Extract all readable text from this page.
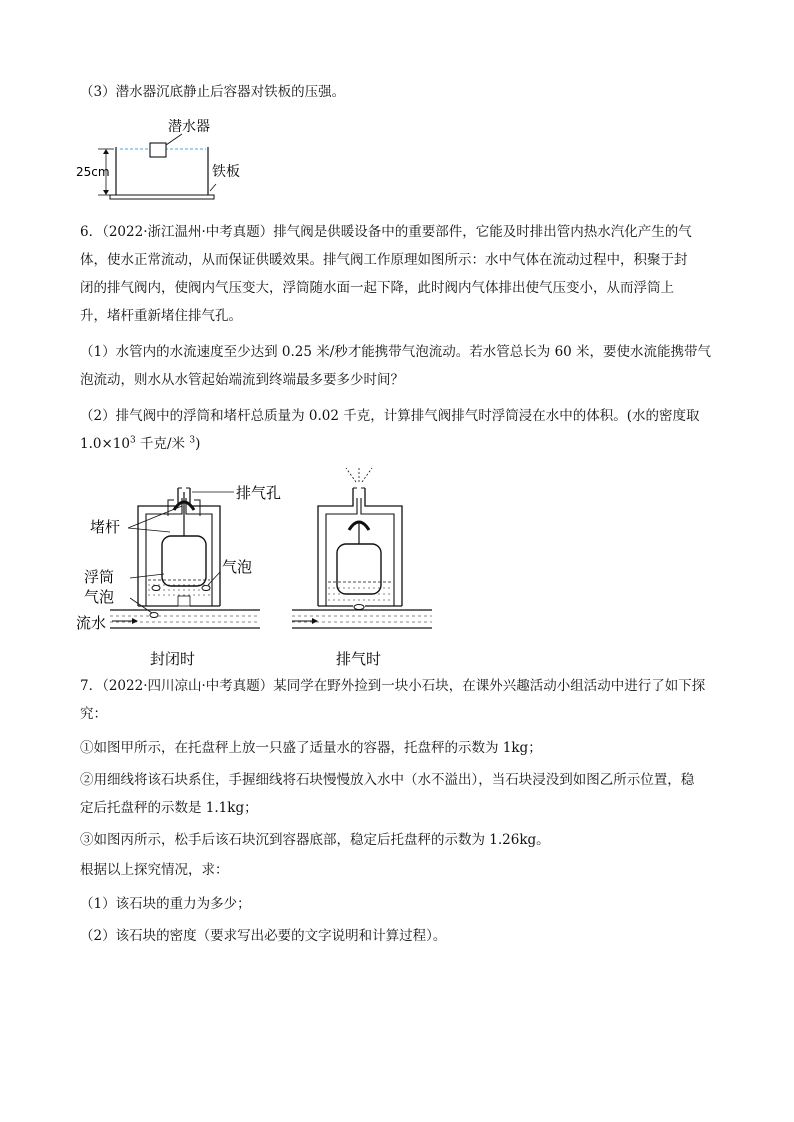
（3）潜水器沉底静止后容器对铁板的压强。
潜水器
铁板
25cm
6．（2022·浙江温州·中考真题）排气阀是供暖设备中的重要部件，它能及时排出管内热水汽化产生的气
体，使水正常流动，从而保证供暖效果。排气阀工作原理如图所示：水中气体在流动过程中，积聚于封
闭的排气阀内，使阀内气压变大，浮筒随水面一起下降，此时阀内气体排出使气压变小，从而浮筒上
升，堵杆重新堵住排气孔。
（1）水管内的水流速度至少达到 0.25 米/秒才能携带气泡流动。若水管总长为 60 米，要使水流能携带气
泡流动，则水从水管起始端流到终端最多要多少时间？
（2）排气阀中的浮筒和堵杆总质量为 0.02 千克，计算排气阀排气时浮筒浸在水中的体积。(水的密度取
$1.0\times 10^3$ 千克/米 $^3$)
排气孔
堵杆
浮筒
气泡
气泡
流水
封闭时	排气时
7．（2022·四川凉山·中考真题）某同学在野外捡到一块小石块，在课外兴趣活动小组活动中进行了如下探
究：
①如图甲所示，在托盘秤上放一只盛了适量水的容器，托盘秤的示数为 1kg；
②用细线将该石块系住，手握细线将石块慢慢放入水中（水不溢出），当石块浸没到如图乙所示位置，稳
定后托盘秤的示数是 1.1kg；
③如图丙所示，松手后该石块沉到容器底部，稳定后托盘秤的示数为 1.26kg。
根据以上探究情况，求：
（1）该石块的重力为多少；
（2）该石块的密度（要求写出必要的文字说明和计算过程）。
